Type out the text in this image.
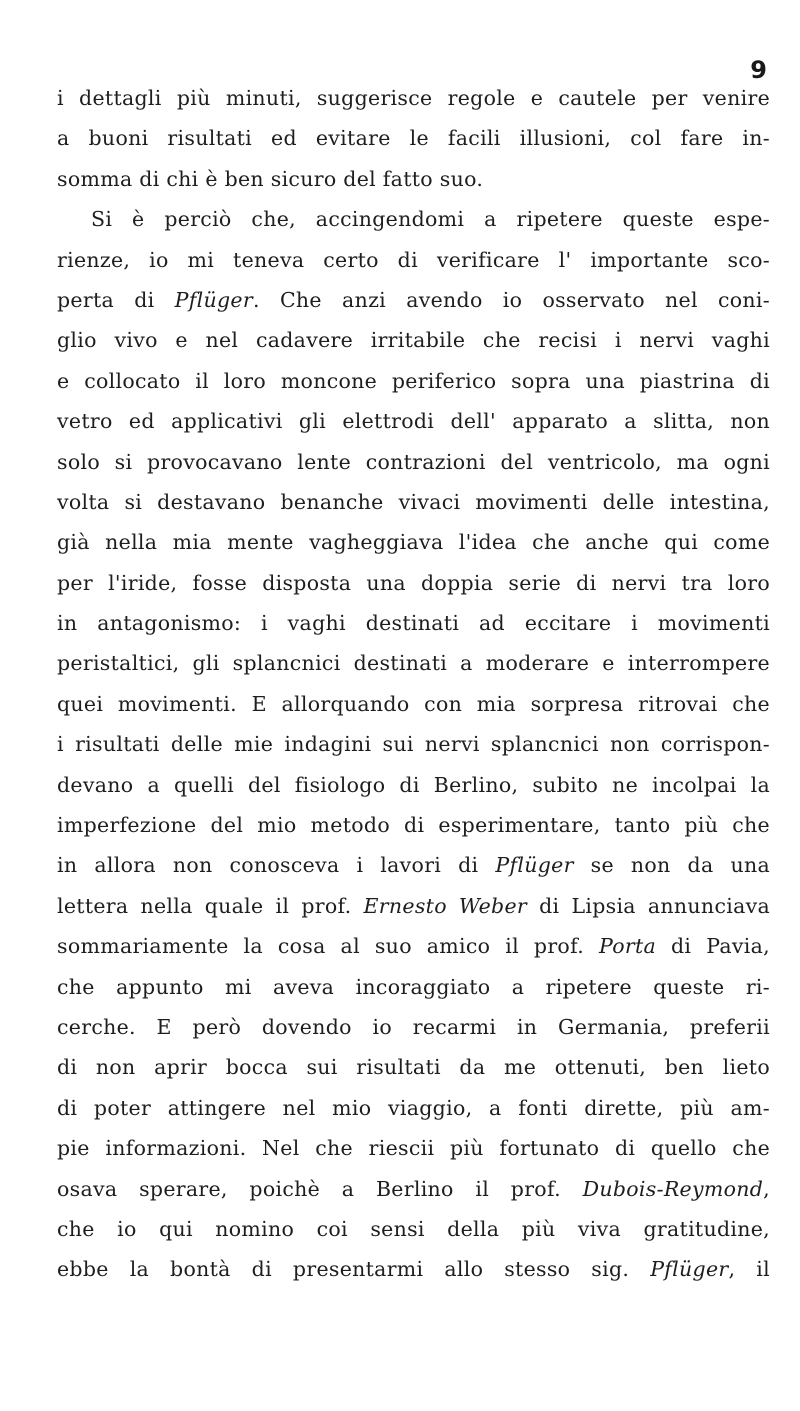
9
i dettagli più minuti, suggerisce regole e cautele per venire
a buoni risultati ed evitare le facili illusioni, col fare in-
somma di chi è ben sicuro del fatto suo.
Si è perciò che, accingendomi a ripetere queste espe-
rienze, io mi teneva certo di verificare l' importante sco-
perta di Pflüger. Che anzi avendo io osservato nel coni-
glio vivo e nel cadavere irritabile che recisi i nervi vaghi
e collocato il loro moncone periferico sopra una piastrina di
vetro ed applicativi gli elettrodi dell' apparato a slitta, non
solo si provocavano lente contrazioni del ventricolo, ma ogni
volta si destavano benanche vivaci movimenti delle intestina,
già nella mia mente vagheggiava l'idea che anche qui come
per l'iride, fosse disposta una doppia serie di nervi tra loro
in antagonismo: i vaghi destinati ad eccitare i movimenti
peristaltici, gli splancnici destinati a moderare e interrompere
quei movimenti. E allorquando con mia sorpresa ritrovai che
i risultati delle mie indagini sui nervi splancnici non corrispon-
devano a quelli del fisiologo di Berlino, subito ne incolpai la
imperfezione del mio metodo di esperimentare, tanto più che
in allora non conosceva i lavori di Pflüger se non da una
lettera nella quale il prof. Ernesto Weber di Lipsia annunciava
sommariamente la cosa al suo amico il prof. Porta di Pavia,
che appunto mi aveva incoraggiato a ripetere queste ri-
cerche. E però dovendo io recarmi in Germania, preferii
di non aprir bocca sui risultati da me ottenuti, ben lieto
di poter attingere nel mio viaggio, a fonti dirette, più am-
pie informazioni. Nel che riescii più fortunato di quello che
osava sperare, poichè a Berlino il prof. Dubois-Reymond,
che io qui nomino coi sensi della più viva gratitudine,
ebbe la bontà di presentarmi allo stesso sig. Pflüger, il
